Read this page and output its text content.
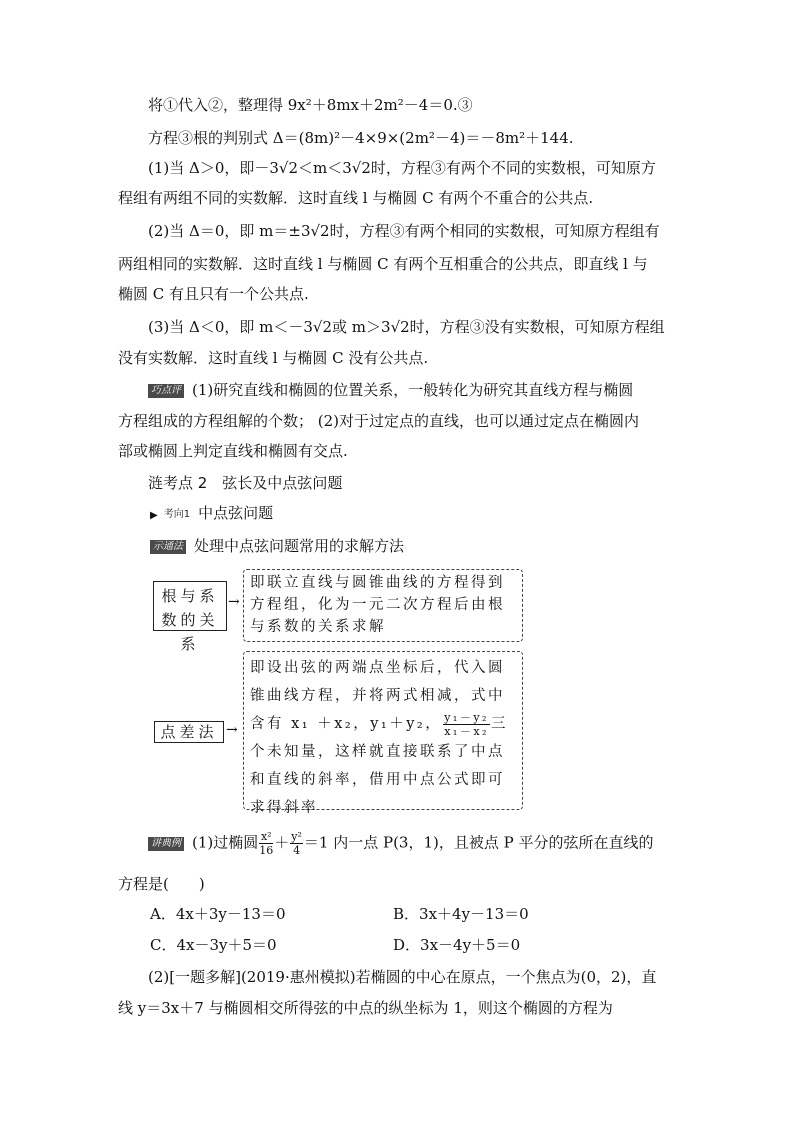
将①代入②，整理得 9x²＋8mx＋2m²－4＝0.③
方程③根的判别式 Δ＝(8m)²－4×9×(2m²－4)＝－8m²＋144.
(1)当 Δ＞0，即－3√2＜m＜3√2时，方程③有两个不同的实数根，可知原方
程组有两组不同的实数解．这时直线 l 与椭圆 C 有两个不重合的公共点.
(2)当 Δ＝0，即 m＝±3√2时，方程③有两个相同的实数根，可知原方程组有
两组相同的实数解．这时直线 l 与椭圆 C 有两个互相重合的公共点，即直线 l 与
椭圆 C 有且只有一个公共点.
(3)当 Δ＜0，即 m＜－3√2或 m＞3√2时，方程③没有实数根，可知原方程组
没有实数解．这时直线 l 与椭圆 C 没有公共点.
巧点评 (1)研究直线和椭圆的位置关系，一般转化为研究其直线方程与椭圆
方程组成的方程组解的个数； (2)对于过定点的直线，也可以通过定点在椭圆内
部或椭圆上判定直线和椭圆有交点.
涟考点 2　弦长及中点弦问题
▶ 考向1 中点弦问题
示通法 处理中点弦问题常用的求解方法
根与系数的关系
→
即联立直线与圆锥曲线的方程得到方程组，化为一元二次方程后由根与系数的关系求解
点差法 →
即设出弦的两端点坐标后，代入圆锥曲线方程，并将两式相减，式中含有 x₁ ＋x₂，y₁＋y₂， $\frac{\text{y₁－y₂}}{\text{x₁－x₂}}$ 三个未知量，这样就直接联系了中点和直线的斜率，借用中点公式即可求得斜率
讲典例 (1)过椭圆 $\frac{\text{x²}}{16} + \frac{\text{y²}}{4} =1$ 内一点 P(3，1)，且被点 P 平分的弦所在直线的
方程是(　　)
A．4x＋3y－13＝0	B．3x＋4y－13＝0
C．4x－3y＋5＝0	D．3x－4y＋5＝0
(2)[一题多解](2019·惠州模拟)若椭圆的中心在原点，一个焦点为(0，2)，直
线 y＝3x＋7 与椭圆相交所得弦的中点的纵坐标为 1，则这个椭圆的方程为
